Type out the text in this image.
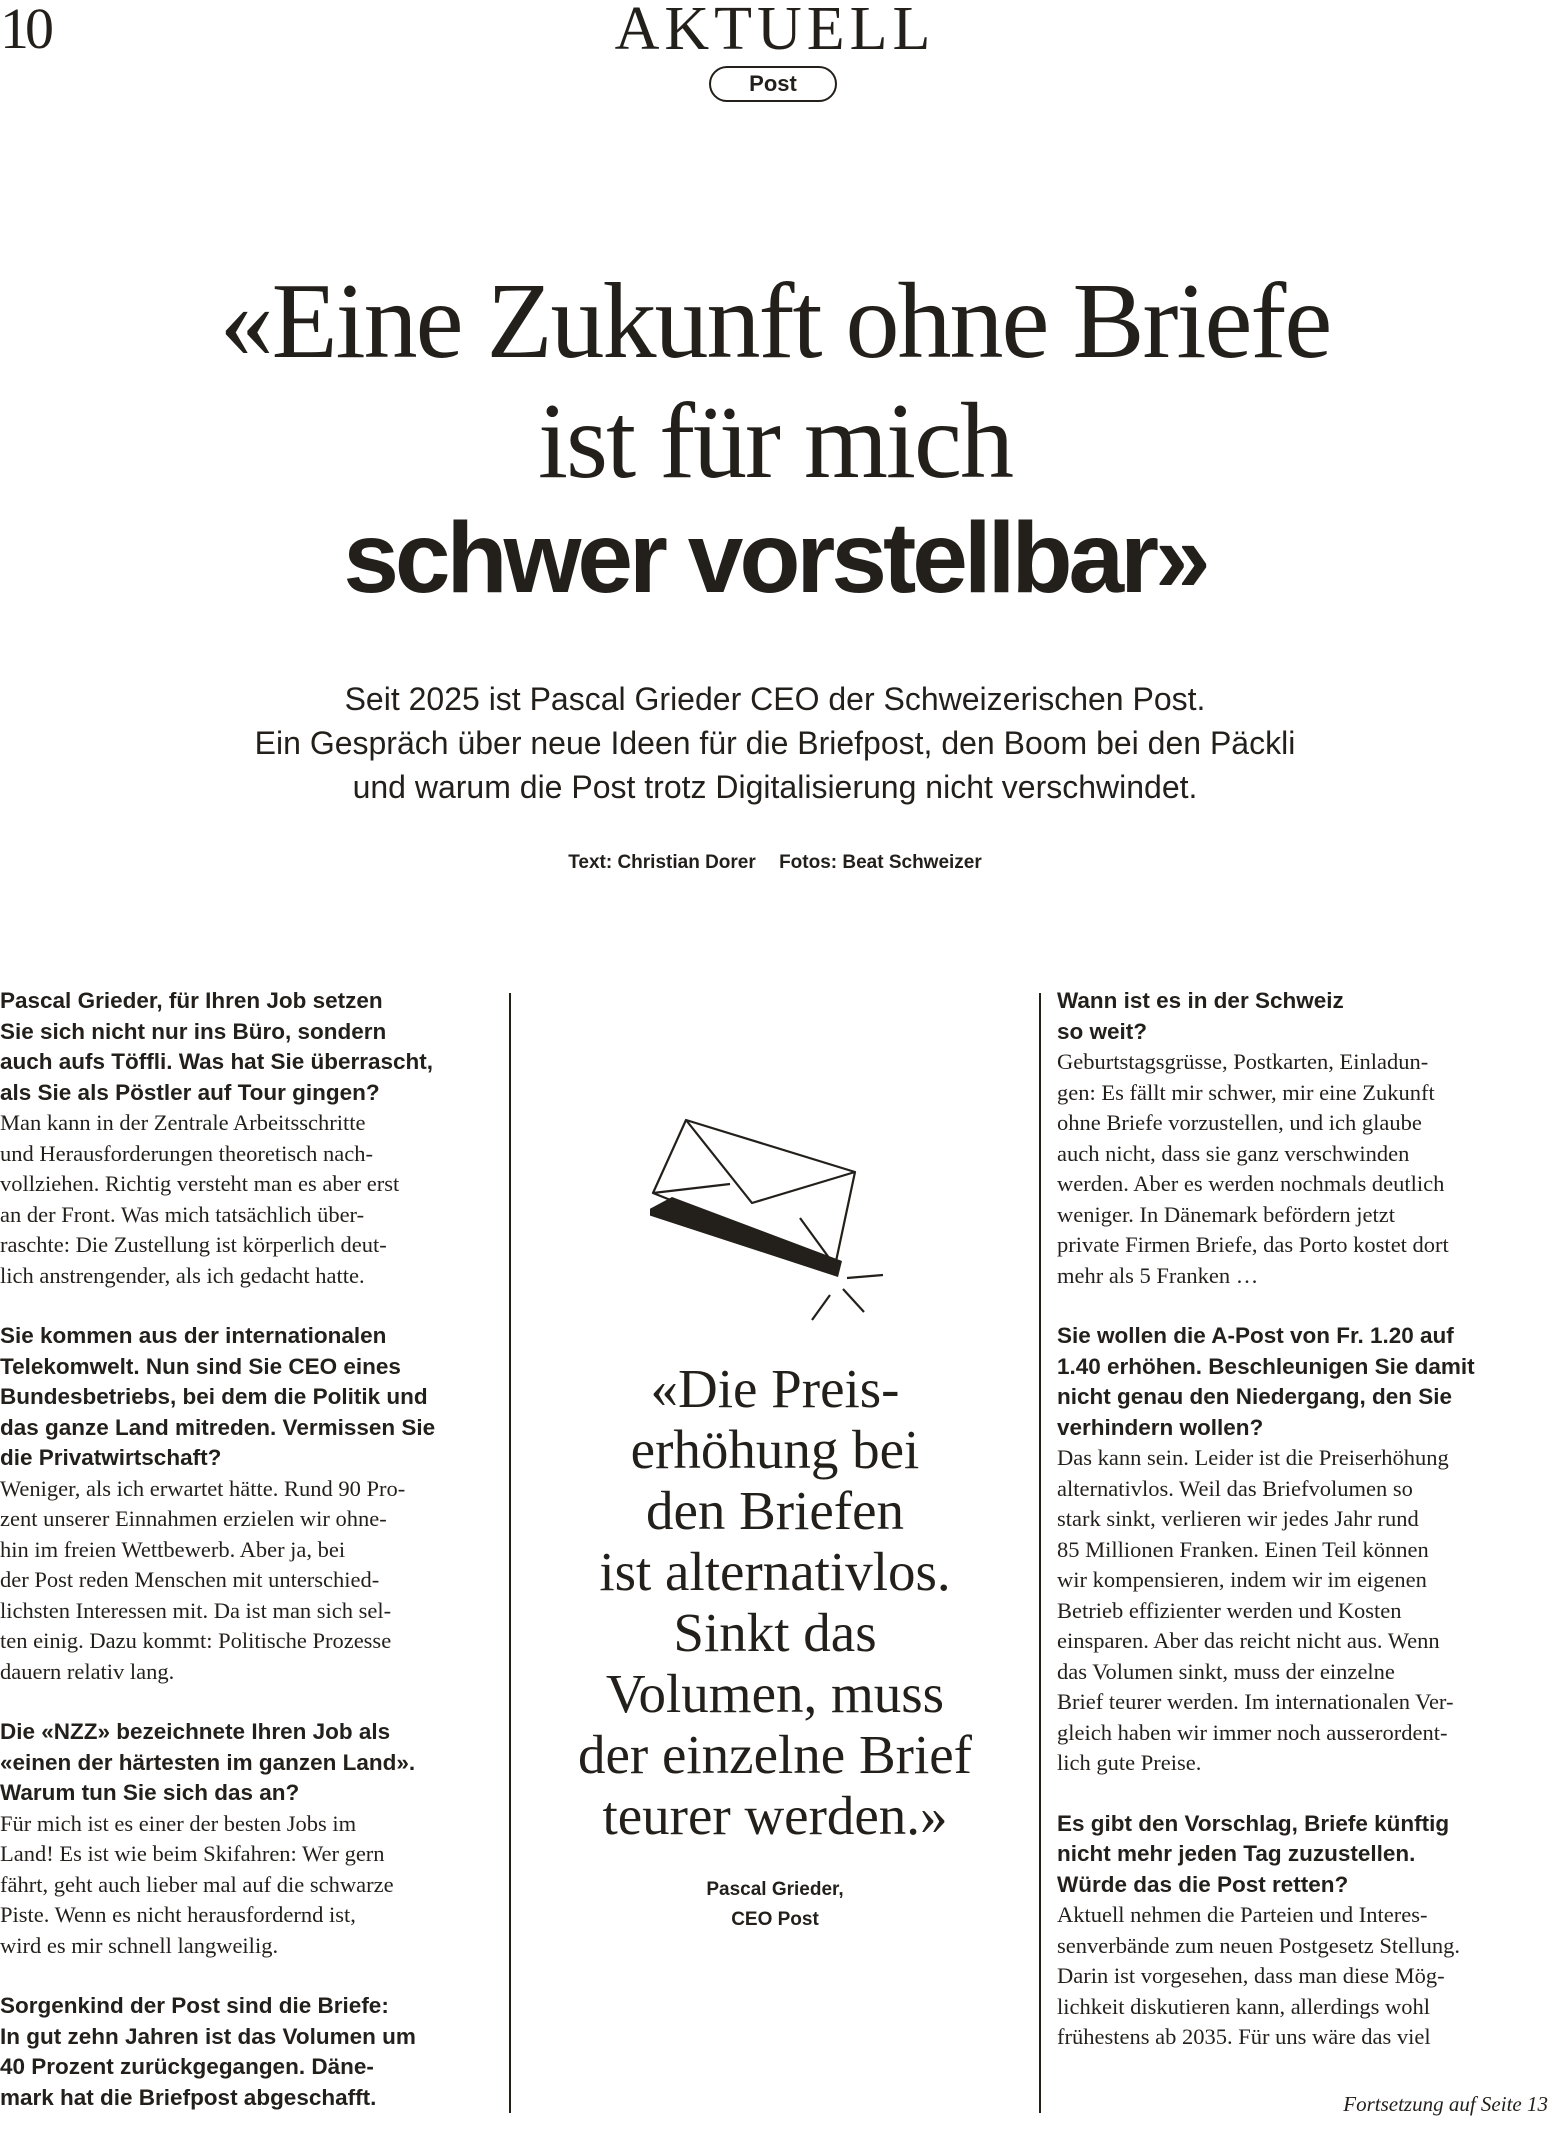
10	AKTUELL
Post
«Eine Zukunft ohne Briefe
ist für mich
schwer vorstellbar»
Seit 2025 ist Pascal Grieder CEO der Schweizerischen Post.
Ein Gespräch über neue Ideen für die Briefpost, den Boom bei den Päckli
und warum die Post trotz Digitalisierung nicht verschwindet.
Text: Christian Dorer Fotos: Beat Schweizer
Pascal Grieder, für Ihren Job setzen
Sie sich nicht nur ins Büro, sondern
auch aufs Töffli. Was hat Sie überrascht,
als Sie als Pöstler auf Tour gingen?
Man kann in der Zentrale Arbeitsschritte
und Herausforderungen theoretisch nach-
vollziehen. Richtig versteht man es aber erst
an der Front. Was mich tatsächlich über-
raschte: Die Zustellung ist körperlich deut-
lich anstrengender, als ich gedacht hatte.
Sie kommen aus der internationalen
Telekomwelt. Nun sind Sie CEO eines
Bundesbetriebs, bei dem die Politik und
das ganze Land mitreden. Vermissen Sie
die Privatwirtschaft?
Weniger, als ich erwartet hätte. Rund 90 Pro-
zent unserer Einnahmen erzielen wir ohne-
hin im freien Wettbewerb. Aber ja, bei
der Post reden Menschen mit unterschied-
lichsten Interessen mit. Da ist man sich sel-
ten einig. Dazu kommt: Politische Prozesse
dauern relativ lang.
Die «NZZ» bezeichnete Ihren Job als
«einen der härtesten im ganzen Land».
Warum tun Sie sich das an?
Für mich ist es einer der besten Jobs im
Land! Es ist wie beim Skifahren: Wer gern
fährt, geht auch lieber mal auf die schwarze
Piste. Wenn es nicht herausfordernd ist,
wird es mir schnell langweilig.
Sorgenkind der Post sind die Briefe:
In gut zehn Jahren ist das Volumen um
40 Prozent zurückgegangen. Däne-
mark hat die Briefpost abgeschafft.
«Die Preis-
erhöhung bei
den Briefen
ist alternativlos.
Sinkt das
Volumen, muss
der einzelne Brief
teurer werden.»
Pascal Grieder,
CEO Post
Wann ist es in der Schweiz
so weit?
Geburtstagsgrüsse, Postkarten, Einladun-
gen: Es fällt mir schwer, mir eine Zukunft
ohne Briefe vorzustellen, und ich glaube
auch nicht, dass sie ganz verschwinden
werden. Aber es werden nochmals deutlich
weniger. In Dänemark befördern jetzt
private Firmen Briefe, das Porto kostet dort
mehr als 5 Franken …
Sie wollen die A-Post von Fr. 1.20 auf
1.40 erhöhen. Beschleunigen Sie damit
nicht genau den Niedergang, den Sie
verhindern wollen?
Das kann sein. Leider ist die Preiserhöhung
alternativlos. Weil das Briefvolumen so
stark sinkt, verlieren wir jedes Jahr rund
85 Millionen Franken. Einen Teil können
wir kompensieren, indem wir im eigenen
Betrieb effizienter werden und Kosten
einsparen. Aber das reicht nicht aus. Wenn
das Volumen sinkt, muss der einzelne
Brief teurer werden. Im internationalen Ver-
gleich haben wir immer noch ausserordent-
lich gute Preise.
Es gibt den Vorschlag, Briefe künftig
nicht mehr jeden Tag zuzustellen.
Würde das die Post retten?
Aktuell nehmen die Parteien und Interes-
senverbände zum neuen Postgesetz Stellung.
Darin ist vorgesehen, dass man diese Mög-
lichkeit diskutieren kann, allerdings wohl
frühestens ab 2035. Für uns wäre das viel
Fortsetzung auf Seite 13
